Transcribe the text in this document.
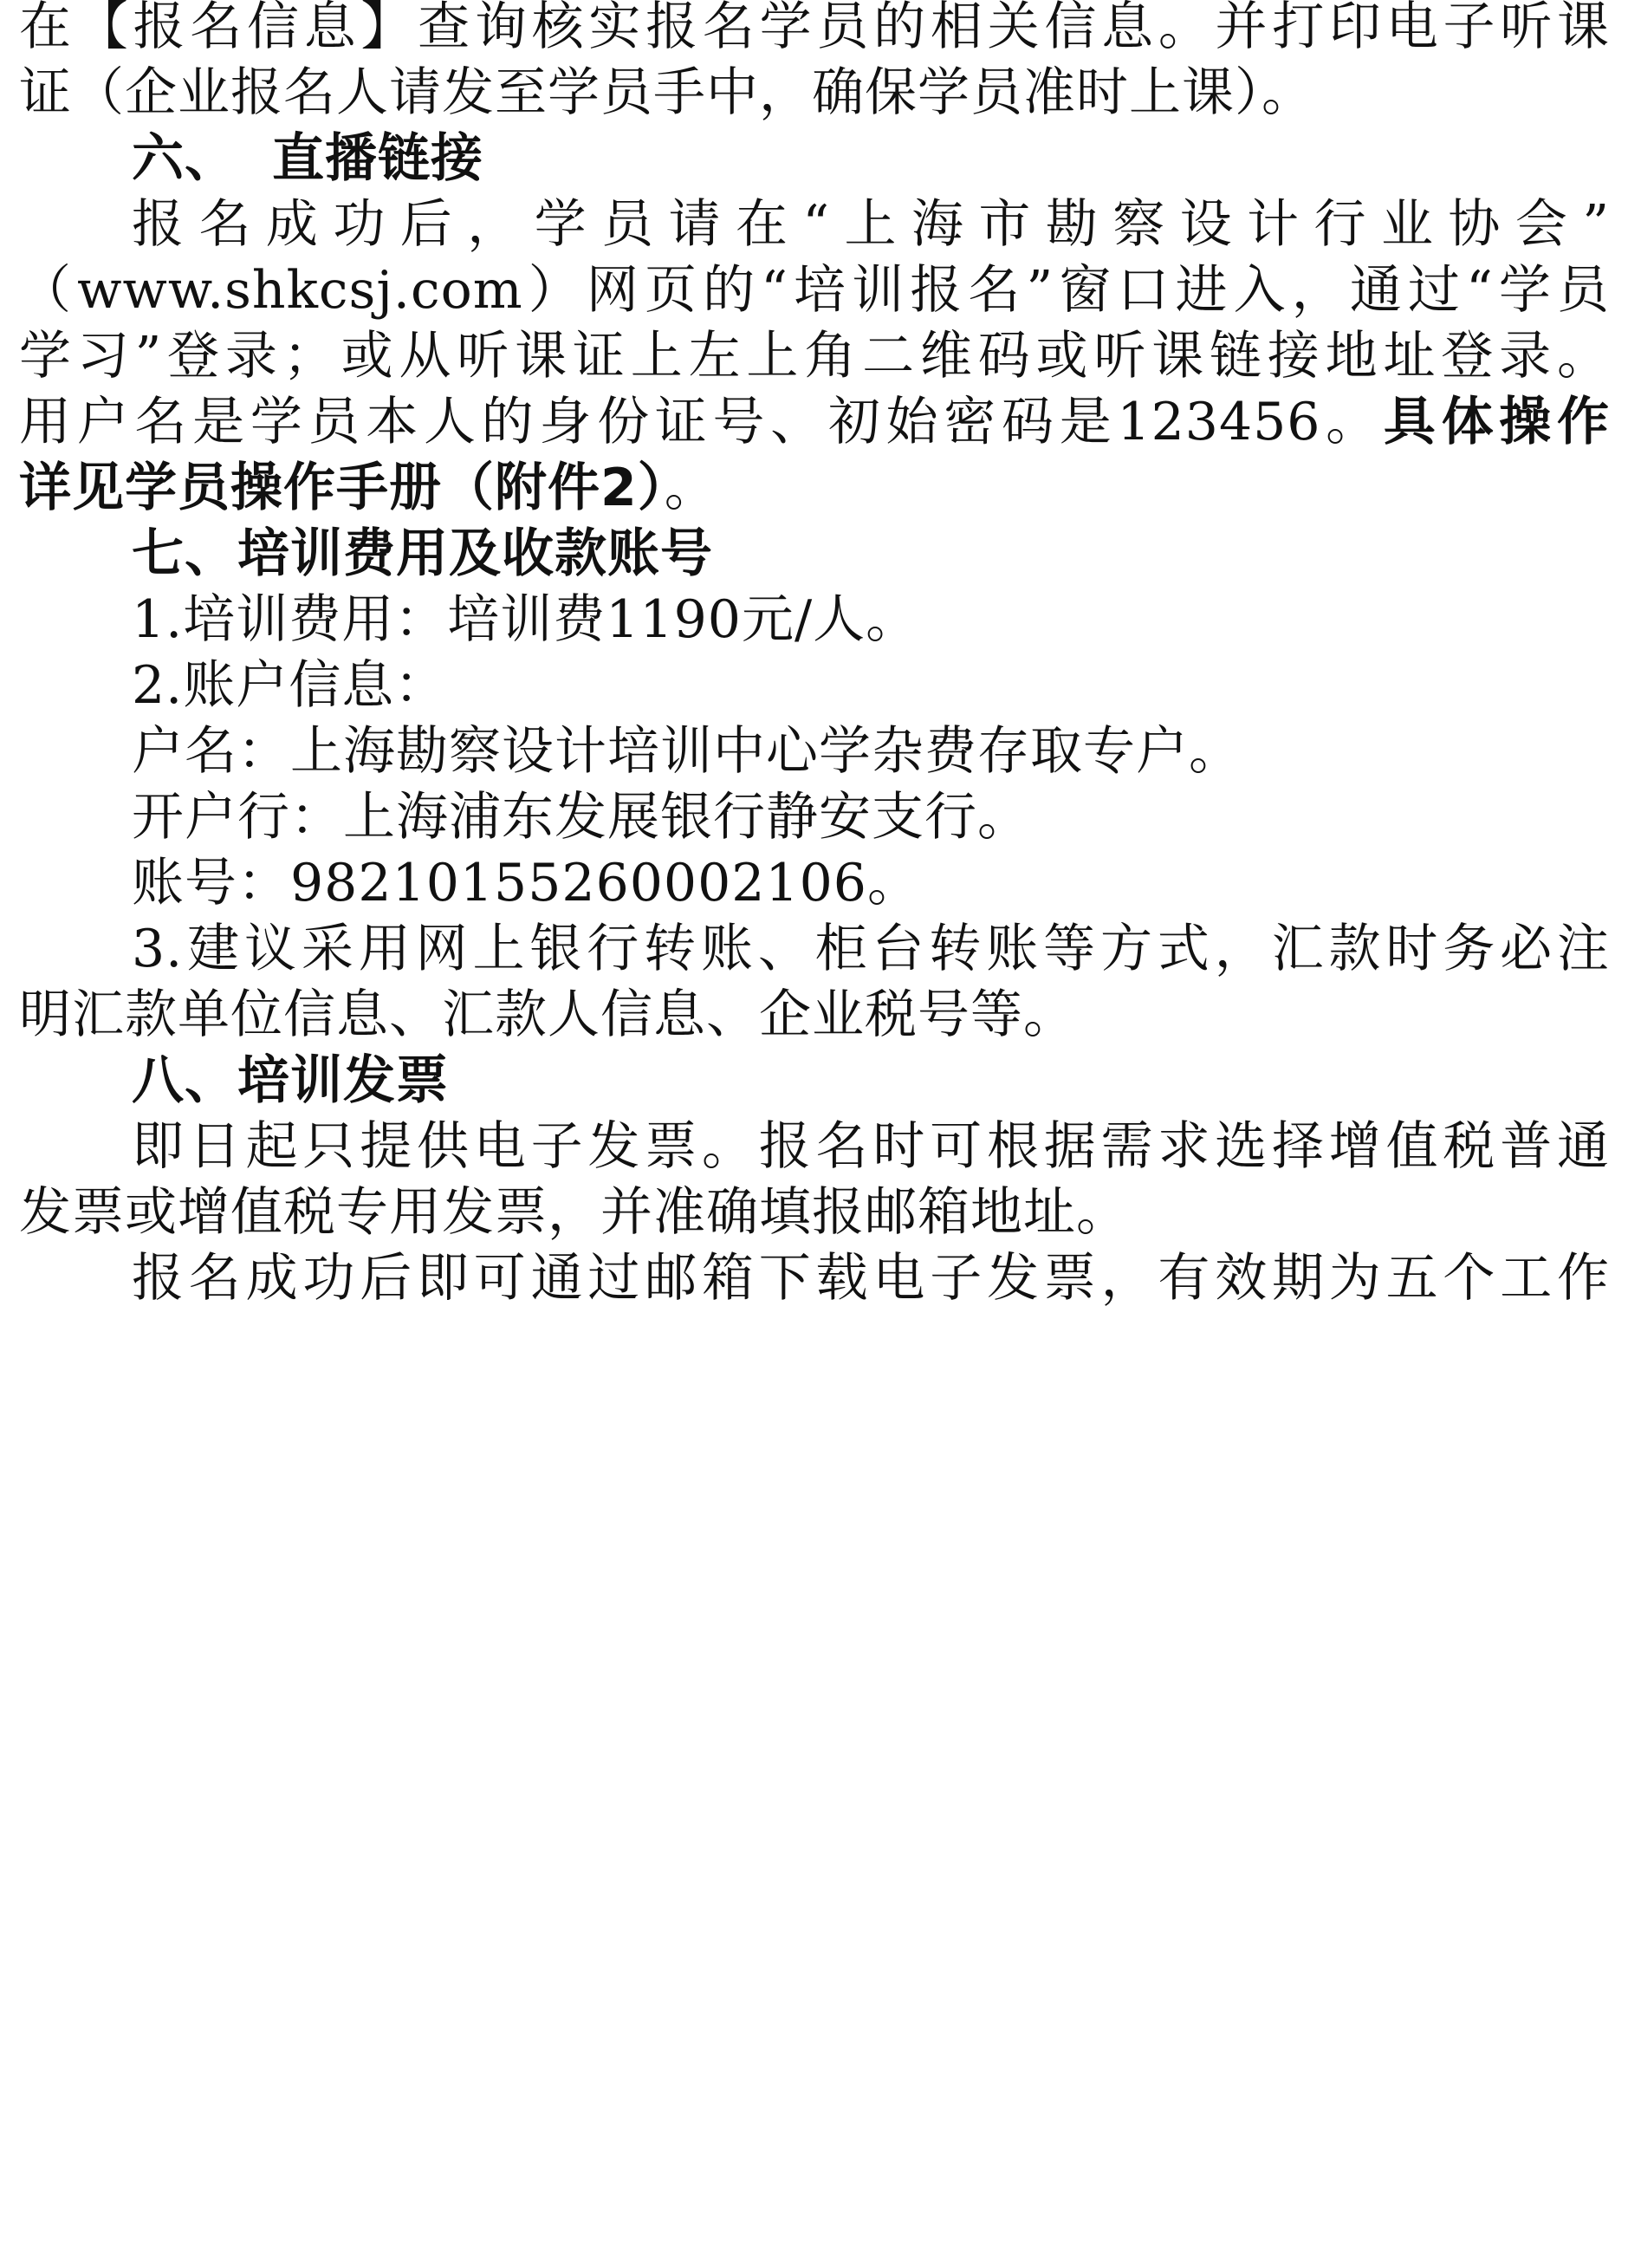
在【报名信息】查询核实报名学员的相关信息。并打印电子听课
证（企业报名人请发至学员手中，确保学员准时上课）。
六、 直播链接
报名成功后，学员请在“上海市勘察设计行业协会”
（www.shkcsj.com）网页的“培训报名”窗口进入，通过“学员
学习”登录；或从听课证上左上角二维码或听课链接地址登录。
用户名是学员本人的身份证号、初始密码是123456。具体操作
详见学员操作手册（附件2）。
七、培训费用及收款账号
1.培训费用：培训费1190元/人。
2.账户信息：
户名：上海勘察设计培训中心学杂费存取专户。
开户行：上海浦东发展银行静安支行。
账号：98210155260002106。
3.建议采用网上银行转账、柜台转账等方式，汇款时务必注
明汇款单位信息、汇款人信息、企业税号等。
八、培训发票
即日起只提供电子发票。报名时可根据需求选择增值税普通
发票或增值税专用发票，并准确填报邮箱地址。
报名成功后即可通过邮箱下载电子发票，有效期为五个工作
